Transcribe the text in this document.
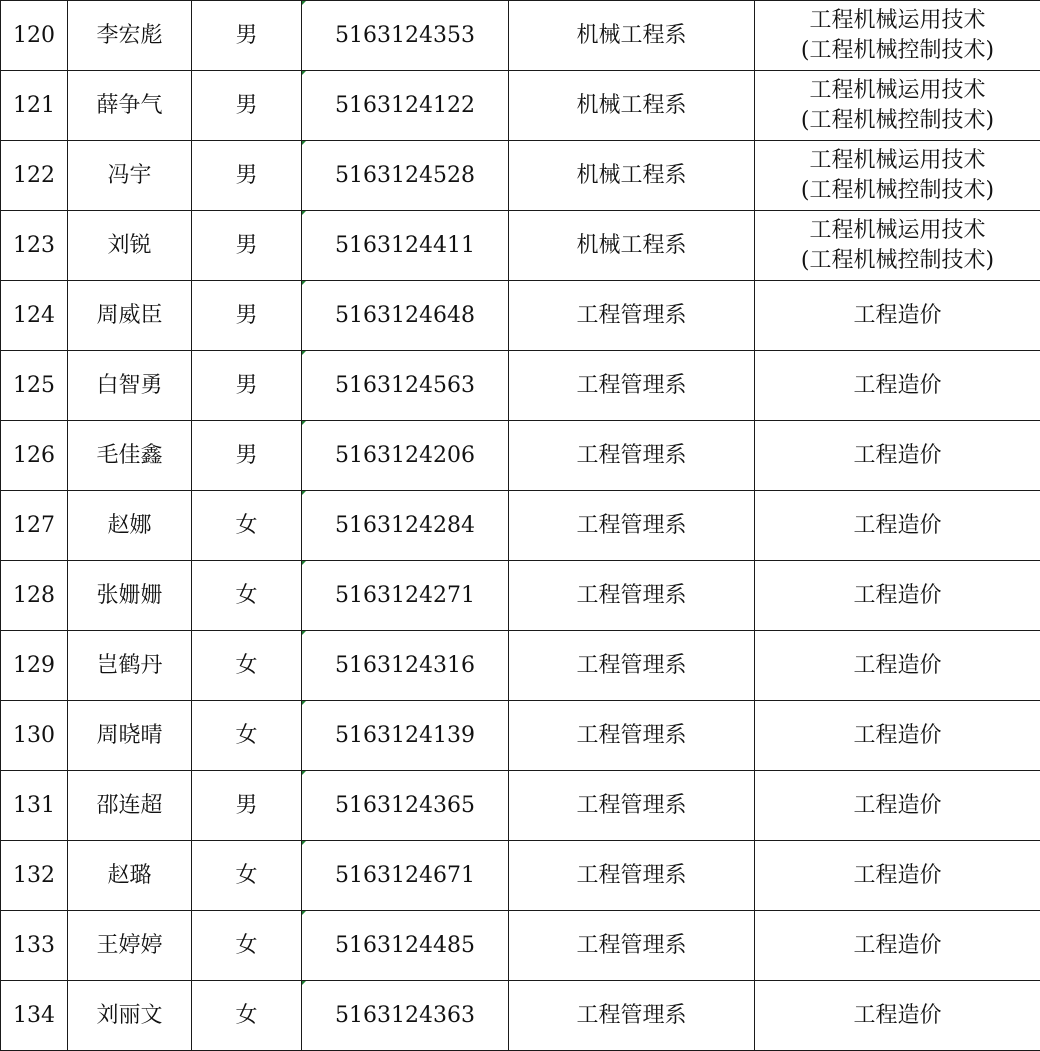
120	李宏彪	男	5163124353	机械工程系	工程机械运用技术
(工程机械控制技术)

121	薛争气	男	5163124122	机械工程系	工程机械运用技术
(工程机械控制技术)

122	冯宇	男	5163124528	机械工程系	工程机械运用技术
(工程机械控制技术)

123	刘锐	男	5163124411	机械工程系	工程机械运用技术
(工程机械控制技术)

124	周威臣	男	5163124648	工程管理系	工程造价

125	白智勇	男	5163124563	工程管理系	工程造价

126	毛佳鑫	男	5163124206	工程管理系	工程造价

127	赵娜	女	5163124284	工程管理系	工程造价

128	张姗姗	女	5163124271	工程管理系	工程造价

129	岂鹤丹	女	5163124316	工程管理系	工程造价

130	周晓晴	女	5163124139	工程管理系	工程造价

131	邵连超	男	5163124365	工程管理系	工程造价

132	赵璐	女	5163124671	工程管理系	工程造价

133	王婷婷	女	5163124485	工程管理系	工程造价

134	刘丽文	女	5163124363	工程管理系	工程造价
